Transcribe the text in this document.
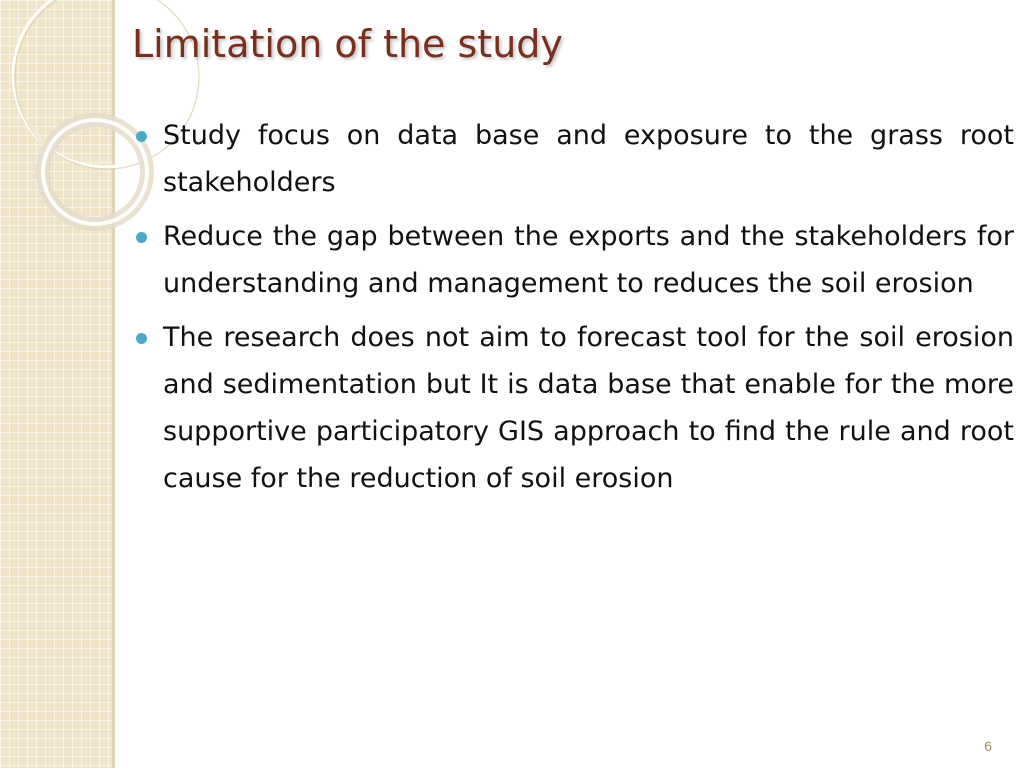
Limitation of the study
Study focus on data base and exposure to the grass root stakeholders
Reduce the gap between the exports and the stakeholders for understanding and management to reduces the soil erosion
The research does not aim to forecast tool for the soil erosion and sedimentation but It is data base that enable for the more supportive participatory GIS approach to find the rule and root cause for the reduction of soil erosion
6
